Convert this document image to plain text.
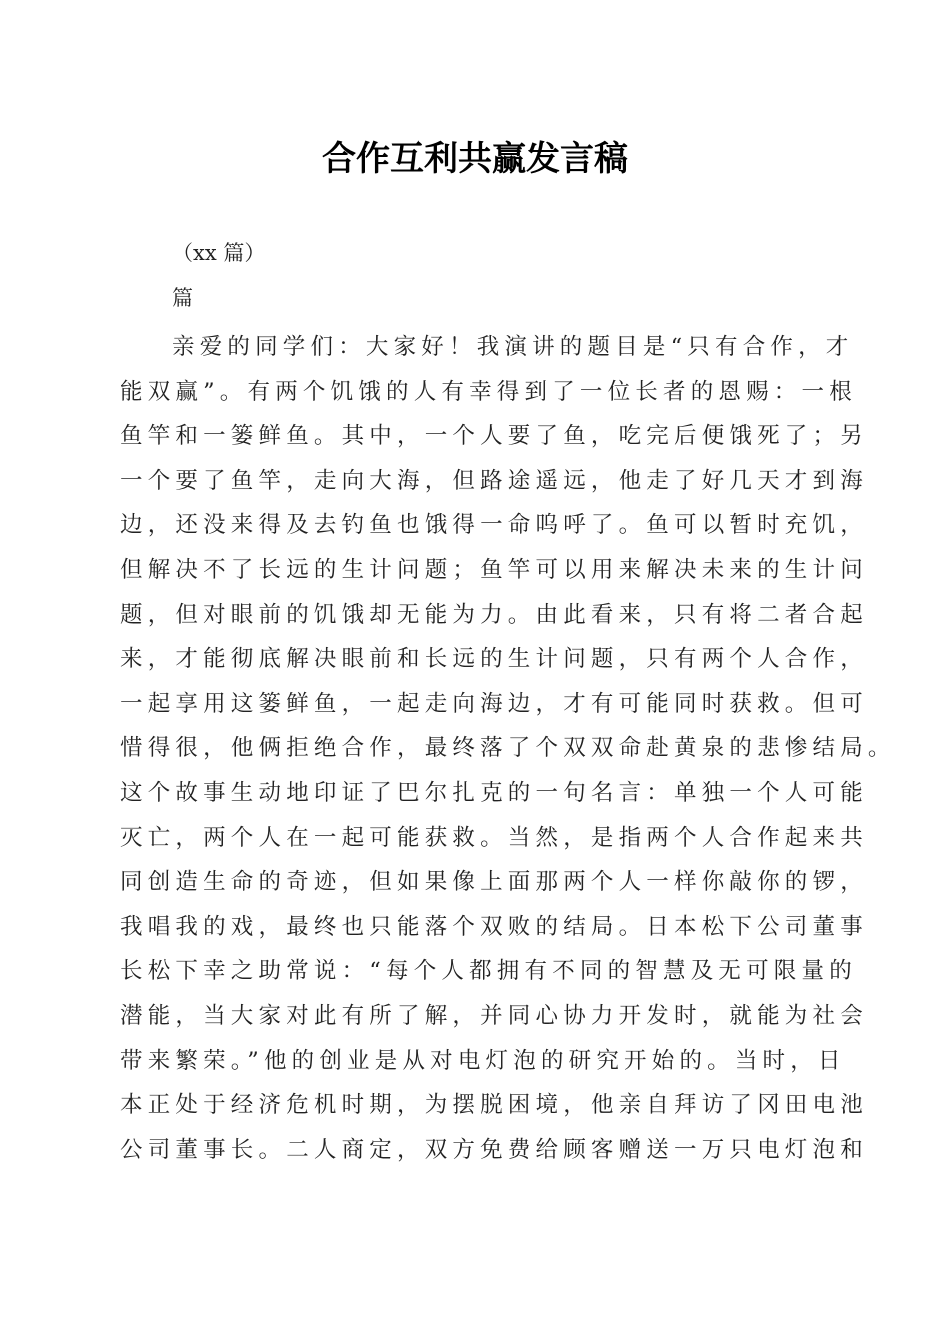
合作互利共赢发言稿
（xx 篇）
篇
亲爱的同学们：大家好！我演讲的题目是“只有合作，才
能双赢”。有两个饥饿的人有幸得到了一位长者的恩赐：一根
鱼竿和一篓鲜鱼。其中，一个人要了鱼，吃完后便饿死了；另
一个要了鱼竿，走向大海，但路途遥远，他走了好几天才到海
边，还没来得及去钓鱼也饿得一命呜呼了。鱼可以暂时充饥，
但解决不了长远的生计问题；鱼竿可以用来解决未来的生计问
题，但对眼前的饥饿却无能为力。由此看来，只有将二者合起
来，才能彻底解决眼前和长远的生计问题，只有两个人合作，
一起享用这篓鲜鱼，一起走向海边，才有可能同时获救。但可
惜得很，他俩拒绝合作，最终落了个双双命赴黄泉的悲惨结局。
这个故事生动地印证了巴尔扎克的一句名言：单独一个人可能
灭亡，两个人在一起可能获救。当然，是指两个人合作起来共
同创造生命的奇迹，但如果像上面那两个人一样你敲你的锣，
我唱我的戏，最终也只能落个双败的结局。日本松下公司董事
长松下幸之助常说：“每个人都拥有不同的智慧及无可限量的
潜能，当大家对此有所了解，并同心协力开发时，就能为社会
带来繁荣。”他的创业是从对电灯泡的研究开始的。当时，日
本正处于经济危机时期，为摆脱困境，他亲自拜访了冈田电池
公司董事长。二人商定，双方免费给顾客赠送一万只电灯泡和
